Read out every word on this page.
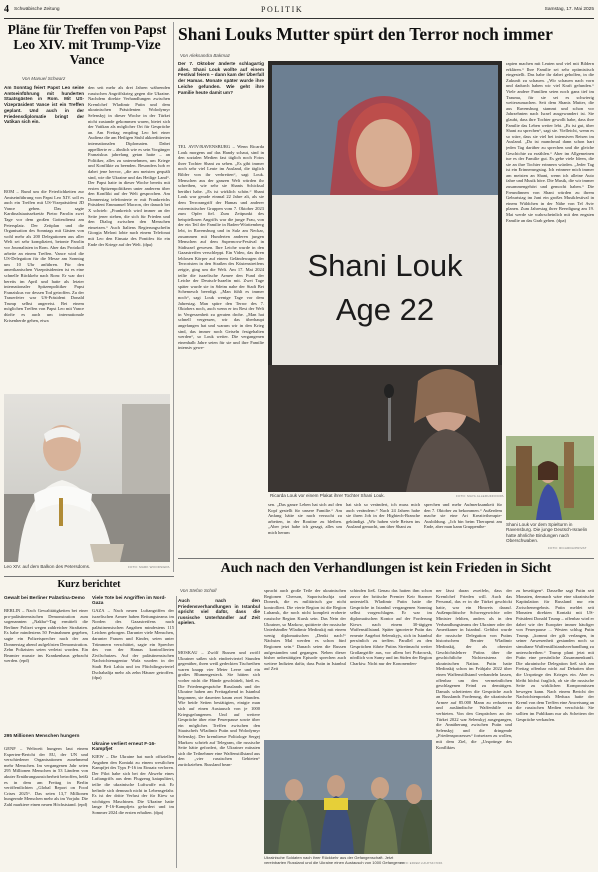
4 Schwäbische Zeitung	POLITIK	Samstag, 17. Mai 2025
Pläne für Treffen von Papst Leo XIV. mit Trump-Vize Vance
Von Manuel Schwarz
Am Sonntag feiert Papst Leo seine Amtseinführung mit hunderten Staatsgästen in Rom. Mit US-Vizepräsident Vance ist ein Treffen geplant. Und auch in der Friedensdiplomatie bringt der Vatikan sich ein.
ROM – Rund um die Feierlichkeiten zur Amtseinführung von Papst Leo XIV. soll es auch ein Treffen mit US-Vizepräsident JD Vance geben. Das sagte Kardinalstaatssekretär Pietro Parolin zwei Tage vor dem großen Gottesdienst am Petersplatz. Der Zeitplan und die Organisation des Sonntags mit Gästen von wohl mehr als 200 Delegationen aus aller Welt sei sehr kompliziert, betonte Parolin vor Journalisten in Rom. Aber das Protokoll arbeite an einem Treffen. Vance wird die US-Delegation für die Messe am Sonntag um 10 Uhr anführen. Für den amerikanischen Vizepräsidenten ist es eine schnelle Rückkehr nach Rom: Er war dort bereits im April und hatte als letzter internationaler Spitzenpolitiker Papst Franziskus vor dessen Tod getroffen. Zu der Trauerfeier war US-Präsident Donald Trump selbst angereist. Bei einem möglichen Treffen von Papst Leo mit Vance dürfte es auch um internationale Krisenherde gehen, etwa
den seit mehr als drei Jahren währenden russischen Angriffskrieg gegen die Ukraine. Nachdem direkte Verhandlungen zwischen Kremlchef Wladimir Putin und dem ukrainischen Präsidenten Wolodymyr Selenskyj in dieser Woche in der Türkei nicht zustande gekommen waren, bietet sich der Vatikan als möglicher Ort für Gespräche an. Am Freitag empfing Leo bei einer Audienz die am Heiligen Stuhl akkreditierten internationalen Diplomaten. Dabei appellierte er – ähnlich wie es sein Vorgänger Franziskus jahrelang getan hatte – an Politiker, alles zu unternehmen, um Kriege und Konflikte zu beenden. Besonders hob er dabei jene hervor, „die am meisten gequält sind, wie die Ukraine und das Heilige Land“. Der Papst hatte in dieser Woche bereits mit ersten Spitzenpolitikern unter anderem über den Konflikt auf der Welt gesprochen. Am Donnerstag telefonierte er mit Frankreichs Präsident Emmanuel Macron, der danach bei X schrieb: „Frankreich wird immer an der Seite jener stehen, die sich für Frieden und den Dialog zwischen den Menschen einsetzen.“ Auch Italiens Regierungschefin Giorgia Meloni lobte nach einem Telefonat mit Leo den Einsatz des Pontifex für ein Ende der Kriege auf der Welt. (dpa)
Leo XIV. auf dem Balkon des Petersdoms.	FOTO: MARK WOODS/EPA
Shani Louks Mutter spürt den Terror noch immer
Von Aleksandra Bakmaz
Der 7. Oktober änderte schlagartig alles. Shani Louk wollte auf einem Festival feiern – dann kam der Überfall der Hamas. Monate später wurde ihre Leiche gefunden. Wie geht ihre Familie heute damit um?
TEL AVIV/RAVENSBURG – Wenn Ricarda Louk morgens auf das Handy schaut, sind in den sozialen Medien fast täglich noch Fotos ihrer Tochter Shani zu sehen. „Es gibt immer noch sehr viel Leute im Ausland, die täglich Bilder von ihr verbreiten“, sagt Louk. Menschen aus der ganzen Welt würden ihr schreiben, wie sehr sie Shanis Schicksal berührt habe. „Es ist wirklich schön.“ Shani Louk war gerade einmal 22 Jahre alt, als sie dem Terrorangriff der Hamas und anderer extremistischer Gruppen vom 7. Oktober 2023 zum Opfer fiel. Zum Zeitpunkt des beispiellosen Angriffs war die junge Frau, von der ein Teil der Familie in Baden-Württemberg lebt, in Ravensburg und in Sulz am Neckar, zusammen mit Hunderten anderen jungen Menschen auf dem Supernova-Festival in Südisrael gewesen. Ihre Leiche wurde in den Gazastreifen verschleppt. Ein Video, das ihren leblosen Körper auf einem Geländewagen der Terroristen in den Straßen des Küstenstreifens zeigte, ging um die Welt. Am 17. Mai 2024 teilte die israelische Armee den Fund der Leiche der Deutsch-Israelin mit. Zwei Tage später wurde sie in Sdeim nahe der Stadt Bet Schemesch beerdigt. „Man fühlt es immer noch“, sagt Louk wenige Tage vor dem Jahrestag. Man spüre den Terror des 7. Oktobers noch, auch wenn er im Rest der Welt in Vergessenheit zu geraten drohe. „Man hat schnell vergessen, wir das überhaupt angefangen hat und warum wir in den Krieg sind, das immer noch Geiseln festgehalten werden“, so Louk weiter. Die vergangenen einenhalb Jahre seien für sie und ihre Familie intensiv gewe-
Shani Louk
Age 22
Ricarda Louk vor einem Plakat ihrer Tochter Shani Louk.	FOTO: MAYA ALLERUZZO/DPA
sen. „Das ganze Leben hat sich auf den Kopf gestellt für unsere Familie.“ Am Anfang hätte sie nach versucht zu arbeiten, in der Routine zu bleiben. „Aber jetzt habe ich gesagt, alles um mich herum
hat sich so verändert, ich muss mich auch verändern.“ Nach 24 Jahren habe sie ihren Job in der Hightech-Branche gekündigt. „Wir haben viele Reisen ins Ausland gemacht, um über Shani zu
sprechen und mehr Aufmerksamkeit für den 7. Oktober zu bekommen.“ Außerdem mache sie eine Art Kreativtherapie-Ausbildung. „Ich bin beim Therapeut am Ende, aber man kann Gruppenthe-
rapien machen mit Leuten und viel mit Bildern erklären.“ Ihre Familie sei sehr optimistisch eingestellt. Das habe ihr dabei geholfen, in die Zukunft zu schauen. „Wir schauen nach vorn und dadurch haben wir viel Kraft gefunden.“ Viele andere Familien seien noch ganz tief im Trauma, für sie sei es schwierig weiterzumachen. Seit dem Shanis Mutter, die aus Ravensburg stammt und schon vor Jahrzehnten nach Israel ausgewandert ist. Sie glaubt, dass ihre Tochter gewollt habe, dass ihre Familie das Leben weiter lebt. „Es ist gut, über Shani zu sprechen“, sagt sie. Vielleicht, wenn es so wäre, dass sie viel bei intensiven Reisen im Ausland. „Da ist manchmal dann schon hart jeden Tag darüber zu sprechen und die gleiche Geschichte zu erzählen.“ Aber im Allgemeinen tue es der Familie gut. Es gebe viele Ideen, die sie an ihre Tochter erinnern würden. „Jeder Tag ist ein Erinnerungstag. Ich erinnere mich immer am meisten an Shani, wenn ich alleine Auto fahre und Musik höre. Die Musik, die wir immer zusammengehört und gemocht haben.“ Die Freundinnen von Shani würden zu ihrem Geburtstag im Juni ein großes Musikfestival in einem Wäldchen in der Nähe von Tel Aviv planen. Zum Jahrestag ihrer Beerdigung am 19. Mai werde sie wahrscheinlich mit den engsten Familie an das Grab gehen. (dpa)
Shani Louk vor dem Spielturm in Ravensburg. Die junge Deutsch-Israelin hatte ähnliche Bindungen nach Oberschwaben.
FOTO: RICARDA/PRIVAT
Auch nach den Verhandlungen ist kein Frieden in Sicht
Kurz berichtet
Gewalt bei Berliner Palästina-Demo
BERLIN – Nach Gewalttätigkeiten bei einer pro-palästinensischen Demonstration zum sogenannten „Nakba“-Tag ermittelt die Berliner Polizei wegen zahlreicher Straftaten. Es habe mindestens 50 Festnahmen gegeben, sagte ein Polizeisprecher nach der am Donnerstag abend aufgelösten Demonstration. Zehn Polizisten seien verletzt worden. Ein Beamter musste ins Krankenhaus gebracht werden. (epd)
295 Millionen Menschen hungern
GENF – Weltweit hungern laut einem Experten-Bericht der EU, der UN und verschiedener Organisationen zunehmend mehr Menschen. Im vergangenen Jahr seien 295 Millionen Menschen in 53 Ländern von akuter Ernährungsunsicherheit betroffen, heißt es in dem am Freitag in Berlin veröffentlichten „Global Report on Food Crises 2025“. Das seien 13,7 Millionen hungernde Menschen mehr als im Vorjahr. Die Zahl markiere einen neuen Höchststand. (epd)
Viele Tote bei Angriffen im Nord-Gaza
GAZA – Nach neuen Luftangriffen der israelischen Armee haben Rettungsteams im Norden des Gazastreifens nach palästinensischen Angaben mindestens 115 Leichen geborgen. Darunter viele Menschen, darunter Frauen und Kinder, seien unter Trümmern verschüttet, sagte ein Sprecher des von der Hamas kontrollierten Zivilschutzes. Auf der palästinensischen Nachrichtenagentur Wafa wurden in der Stadt Beit Lahia und im Flüchtlingsviertel Dschabalija mehr als zehn Häuser getroffen. (dpa)
Ukraine verliert erneut F-16-Kampfjet
KIEW – Die Ukraine hat nach offiziellen Angaben den Kontakt zu einem westlichen Kampfjet des Typs F-16 im Einsatz verloren. Der Pilot habe sich bei der Abwehr eines Luftangriffs aus dem Flugzeug katapultiert, teilte die ukrainische Luftwaffe mit. Er befinde sich demnach nicht in Lebensgefahr. Es ist der dritte Verlust der für Kiew so wichtigen Maschinen. Die Ukraine hatte lange F-16-Kampfjets gefordert und im Sommer 2024 die ersten erhalten. (dpa)
Von Stefan Scholl
Auch nach den Friedensverhandlungen in Istanbul spricht viel dafür, dass die russische Unterhändler auf Zeit spielen.
MOSKAU – Zwölf Russen und zwölf Ukrainer saßen sich eindreiviertel Stunden gegenüber, ihren weiß gedeckten Tischreihen waren knapp vier Meter Leere und ein großes Blumengesteck. Sie hätten sich vorher nicht die Hände geschüttelt, hieß es. Die Friedensgespräche Russlands und der Ukraine haben am Freitagabend in Istanbul begonnen, sie dauerten kaum zwei Stunden. Wie beide Seiten bestätigten, einigte man sich auf einen Austausch von je 1000 Kriegsgefangenen. Und auf weitere Gespräche über eine Feuerpause sowie über ein mögliches Treffen zwischen den Staatschefs Wladimir Putin und Wolodymyr Selenskyj. Der kremltreue Politologe Sergej Markow schrieb auf Telegram, die russische Seite hätte gefordert, die Ukrainer müssten sich die Teilnehmer eine Waffenstillstand aus den „vier russischen Gebieten“ zurückziehen. Russland bean-
sprucht auch große Teile der ukrainischen Regionen Cherson, Saporischschja und Donezk, die es militärisch gar nicht kontrolliert. Die vierte Region ist die Region Luhansk, die noch nicht komplett eroberte russische Region Kursk sein. Das Nein der Ukrainer, so Markow, quittierte der russische Unterhändler Wladimir Medinskij mit einem wenig diplomatischen „Denkt nach!“ Nächstes Mal werden es schon fünf Regionen sein.“ Danach seien die Russen aufgestanden und gegangen. Neben dieser bisher unbestätigten Episode sprechen auch weitere Indizien dafür, dass Putin in Istanbul auf Zeit
schinden ließ. Genau das hatten ihm schon zuvor der britische Premier Keir Starmer unterstellt. Wladimir Putin hatte die Gespräche in Istanbul vergangenen Sonntag selbst vorgeschlagen. Er war im diplomatischen Kontor auf der Forderung Kiews nach einem 30-tägigen Waffenstillstand. Später ignorierte Putin das erneute Angebot Selenskyjs, sich in Istanbul persönlich zu treffen. Parallel zu den Gesprächen führte Putins Streitmacht weiter Großangriffe aus, vor allem bei Pokrowsk, nördlich von Sumy und im Süden der Region Charkiw. Nicht nur der Kononenden-
Ukrainische Soldaten nach ihrer Rückkehr aus der Gefangenschaft. Jetzt vereinbarten Russland und die Ukraine einen Austausch von 1000 Gefangenen.
FOTO: EFREM LUKATSKY/DPA
ner lässt daran zweifeln, dass der Kremlchef Frieden will. Auch das Personal, das er in die Türkei geschickt hatte, war ein Hinweis darauf. Außenpolitische Schwergewichte oder Minister fehlten, anders als in den Verhandlungsteams der Ukrainer oder der Amerikaner in Istanbul. Geführt wurde die russische Delegation von Putins historischem Berater Wladimir Medinskij, der als oberster Geschichtslehrer Putins über die geschichtliche Nichtexistenz der ukrainischen Nation. Putin hatte Medinskij schon im Frühjahr 2022 über einen Waffenstillstand verhandeln lassen, offenbar um den vermeintlichen geschlagenen Feind zu demütigen. Damals scheiterten die Gespräche auch an Russlands Forderung, die ukrainische Armee auf 85.000 Mann zu reduzieren und ausländische Waffenhilfe zu verbieten. Von den Gesprächen an der Türkei 2022 war Selenskyj ausgegangen, die Annäherung zwischen Putin und Selenskyj und die dringende „Friedensprozesses“ fortsetzen zu wollen, mit dem Ziel, die „Ursprünge des Konfliktes
zu beseitigen“. Dasselbe sagt Putin seit Monaten, demnach wäre eine ukrainische Kapitulation für Russland nur ein Zwischenergebnis. Putin meldet seit Monaten direkten Kontakt mit US-Präsident Donald Trump – offenbar wird er dabei wie der Europäer immer häufiger von Feuerpause ... Westen schlug Putin Trump. „kommt der gilt verlangen, in seiner Anwesenheit gestanden noch so simultane Waffenstillstandsverhandlung zu unterschreiben.“ Trump plant jetzt mit Putin eine persönliche Zusammenkunft. Die ukrainische Delegation ließ sich am Freitag offenbar nicht auf Debatten über die Ursprünge des Krieges ein. Aber es bleibt höchst fraglich, ob sie die russische Seite zu wirklichen Kompromissen bewegen kann. Nach einem Bericht der Nachrichtenportals Meduza hatte der Kreml von dem Treffen eine Anweisung an die russischen Medien verschickt: Sie sollten im Publikum nur als Scheitern der Gespräche verkaufen.
